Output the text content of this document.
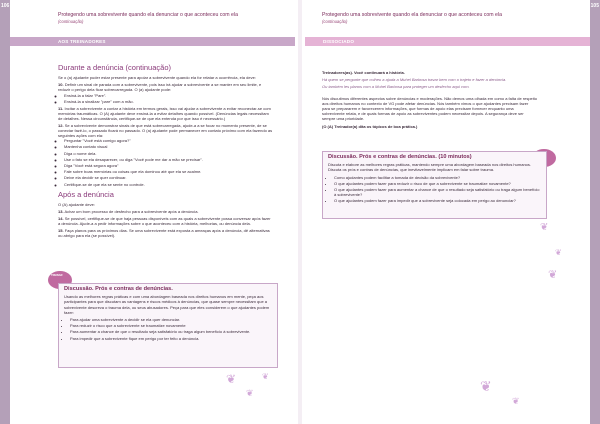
106
PARTE III - TREINAMENTO
105
PARTE III - TREINAMENTO
Protegendo uma sobrevivente quando ela denunciar o que aconteceu com ela
(continuação)
Protegendo uma sobrevivente quando ela denunciar o que aconteceu com ela
(continuação)
AOS TREINADORES	DISSOCIADO
Durante a denúncia (continuação)

Se o (a) ajudante puder estar presente para apoiar a sobrevivente quando ela for relatar a ocorrência, ela deve:

10. Definir um sinal de parada com a sobrevivente, pois isso irá ajudar a sobrevivente a se manter em seu limite, e reduzir o perigo dela ficar sobrecarregada. O (a) ajudante pode:
◦ Ensiná-la a falar "Pare".
◦ Ensiná-la a sinalizar "pare" com a mão.
11. Incitar a sobrevivente a contar a história em termos gerais, isso vai ajudar a sobrevivente a evitar reconectar-se com memórias traumáticas. O (A) ajudante deve ensiná-la a evitar detalhes quando possível. (Denúncias legais necessitam de detalhes. Nessa circunstância, certifique-se de que ela entenda por que isso é necessário.)
12. Se a sobrevivente demonstrar sinais de que está sobrecarregada, ajude-a a se focar no momento presente, de se conectar fazê-lo, o passado ficará no passado. O (a) ajudante pode permanecer em contato próximo com ela fazendo as seguintes ações com ela:
◦ Perguntar "Você está comigo agora?"
◦ Mantenha contato visual
◦ Diga o nome dela.
◦ Use o fato se ela desaparecer, ou diga "Você pode me dar a mão se precisar".
◦ Diga "Você está segura agora"
◦ Fale sobre boas memórias ou coisas que ela dominou até que ela se acalme.
◦ Deixe ela decidir se quer continuar.
◦ Certifique-se de que ela se sente no controle.
Após a denúncia

O (A) ajudante deve:

13. Achar um bom processo de desfecho para a sobrevivente após a denúncia.
14. Se possível, certifique-se de que haja pessoas disponíveis com as quais a sobrevivente possa conversar após fazer a denúncia. Ajude-a a pedir informações sobre o que aconteceu com a história, melhorias, ou denúncia dela.
15. Faça planos para os próximos dias. Se uma sobrevivente está exposta a ameaças após a denúncia, dê alternativas ou abrigo para ela (se possível).
TREINAR
Discussão. Prós e contras de denúncias.

Usando as melhores regras práticas e com uma abordagem baseada nos direitos humanos em mente, peça aos participantes para que discutam as vantagens e riscos médicos à denúncias, que quase sempre necessitam que a sobrevivente descreva o trauma dela, ou seus abusadores. Peça para que eles considerem o que ajudantes podem fazer:

• Para ajudar uma sobrevivente a decidir se ela quer denunciar.
• Para reduzir o risco que a sobrevivente se traumatize novamente
• Para aumentar a chance de que o resultado seja satisfatório ou traga algum benefício à sobrevivente.
• Para impedir que a sobrevivente fique em perigo por ter feito a denúncia.

Treinadores(as). Você continuará a história.

Há quem se pergunte que colheu a ajuda a Muhel Barbosa travar bem com o trajeto e fazer a denúncia.

Ou também les planos com a Muhel Barbosa para proteger um desfecho aqui com.

Nós discutimos diferentes aspectos sobre denúncias e moderações. Não demos uma olhada em como a falta de respeito aos direitos humanos no contexto de VG pode afetar denúncias. Nós também vimos o que ajudantes precisam fazer para se prepararem e favorecerem informações, que formas de apoio elas precisam fornecer enquanto uma sobrevivente relata, e de quais formas de apoio as sobreviventes podem necessitar depois. A segurança deve ser sempre uma prioridade.

(O (A) Treinador(a) dita os tópicos de boa prática.)

Discussão. Prós e contras de denúncias. (10 minutos)

Discuta e elabore as melhores regras práticas, mantendo sempre uma abordagem baseada nos direitos humanos. Discuta os prós e contras de denúncias, que inevitavelmente implicam em falar sobre trauma.

• Como ajudantes podem facilitar a tomada de decisão da sobrevivente?
• O que ajudantes podem fazer para reduzir o risco de que a sobrevivente se traumatize novamente?
• O que ajudantes podem fazer para aumentar a chance de que o resultado seja satisfatório ou traga algum benefício à sobrevivente?
• O que ajudantes podem fazer para impedir que a sobrevivente seja colocada em perigo ao denunciar?
❦
❦
❦
❦
❦
❦
❦
❦
